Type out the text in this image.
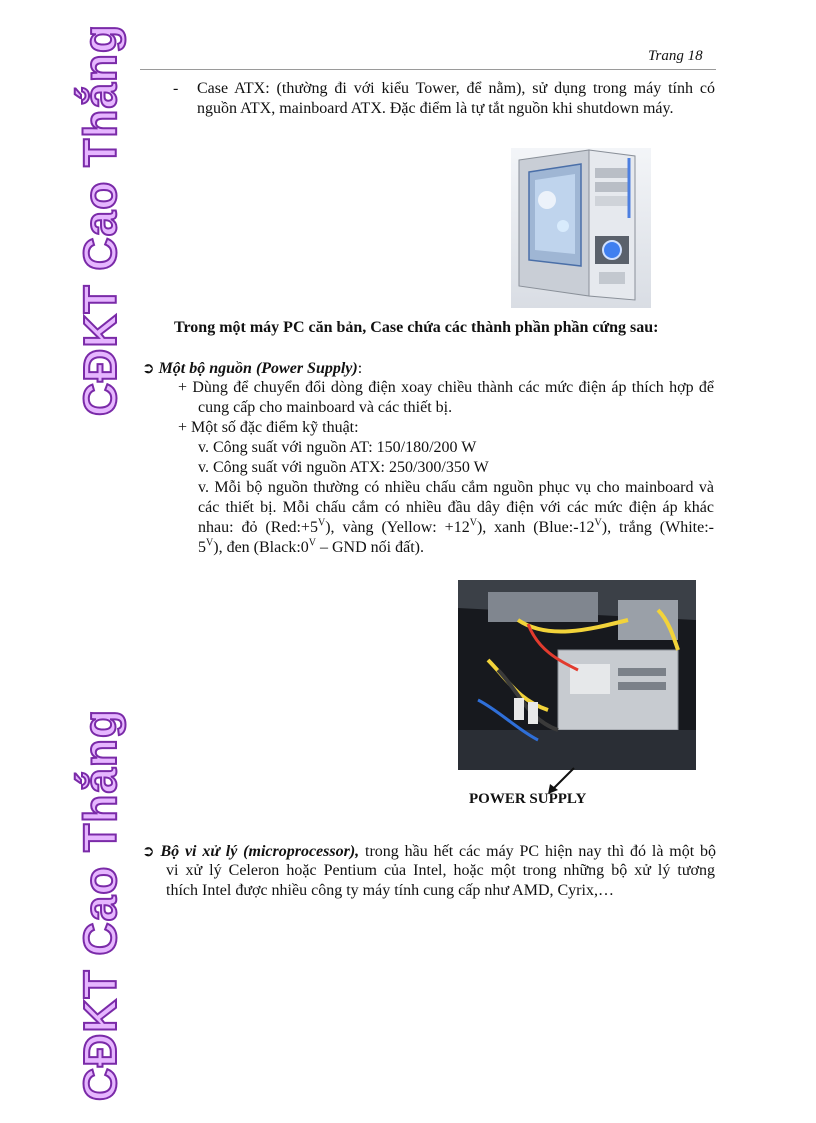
Trang 18
CĐKT Cao Thắng
CĐKT Cao Thắng
- Case ATX: (thường đi với kiểu Tower, để nằm), sử dụng trong máy tính có
nguồn ATX, mainboard ATX. Đặc điểm là tự tắt nguồn khi shutdown máy.
Trong một máy PC căn bản, Case chứa các thành phần phần cứng sau:
➲ Một bộ nguồn (Power Supply):
+ Dùng để chuyển đổi dòng điện xoay chiều thành các mức điện áp thích hợp để
cung cấp cho mainboard và các thiết bị.
+ Một số đặc điểm kỹ thuật:
v. Công suất với nguồn AT: 150/180/200 W
v. Công suất với nguồn ATX: 250/300/350 W
v. Mỗi bộ nguồn thường có nhiều chấu cắm nguồn phục vụ cho mainboard và
các thiết bị. Mỗi chấu cắm có nhiều đầu dây điện với các mức điện áp khác
nhau: đỏ $(Red:+5^V)$, vàng (Yellow: $+12^V$), xanh $(Blue:-12^V)$, trắng (White:-
$5^V$), đen ($Black:0^V$ – GND nối đất).
POWER SUPPLY
➲ Bộ vi xử lý (microprocessor), trong hầu hết các máy PC hiện nay thì đó là một bộ
vi xử lý Celeron hoặc Pentium của Intel, hoặc một trong những bộ xử lý tương
thích Intel được nhiều công ty máy tính cung cấp như AMD, Cyrix,…
